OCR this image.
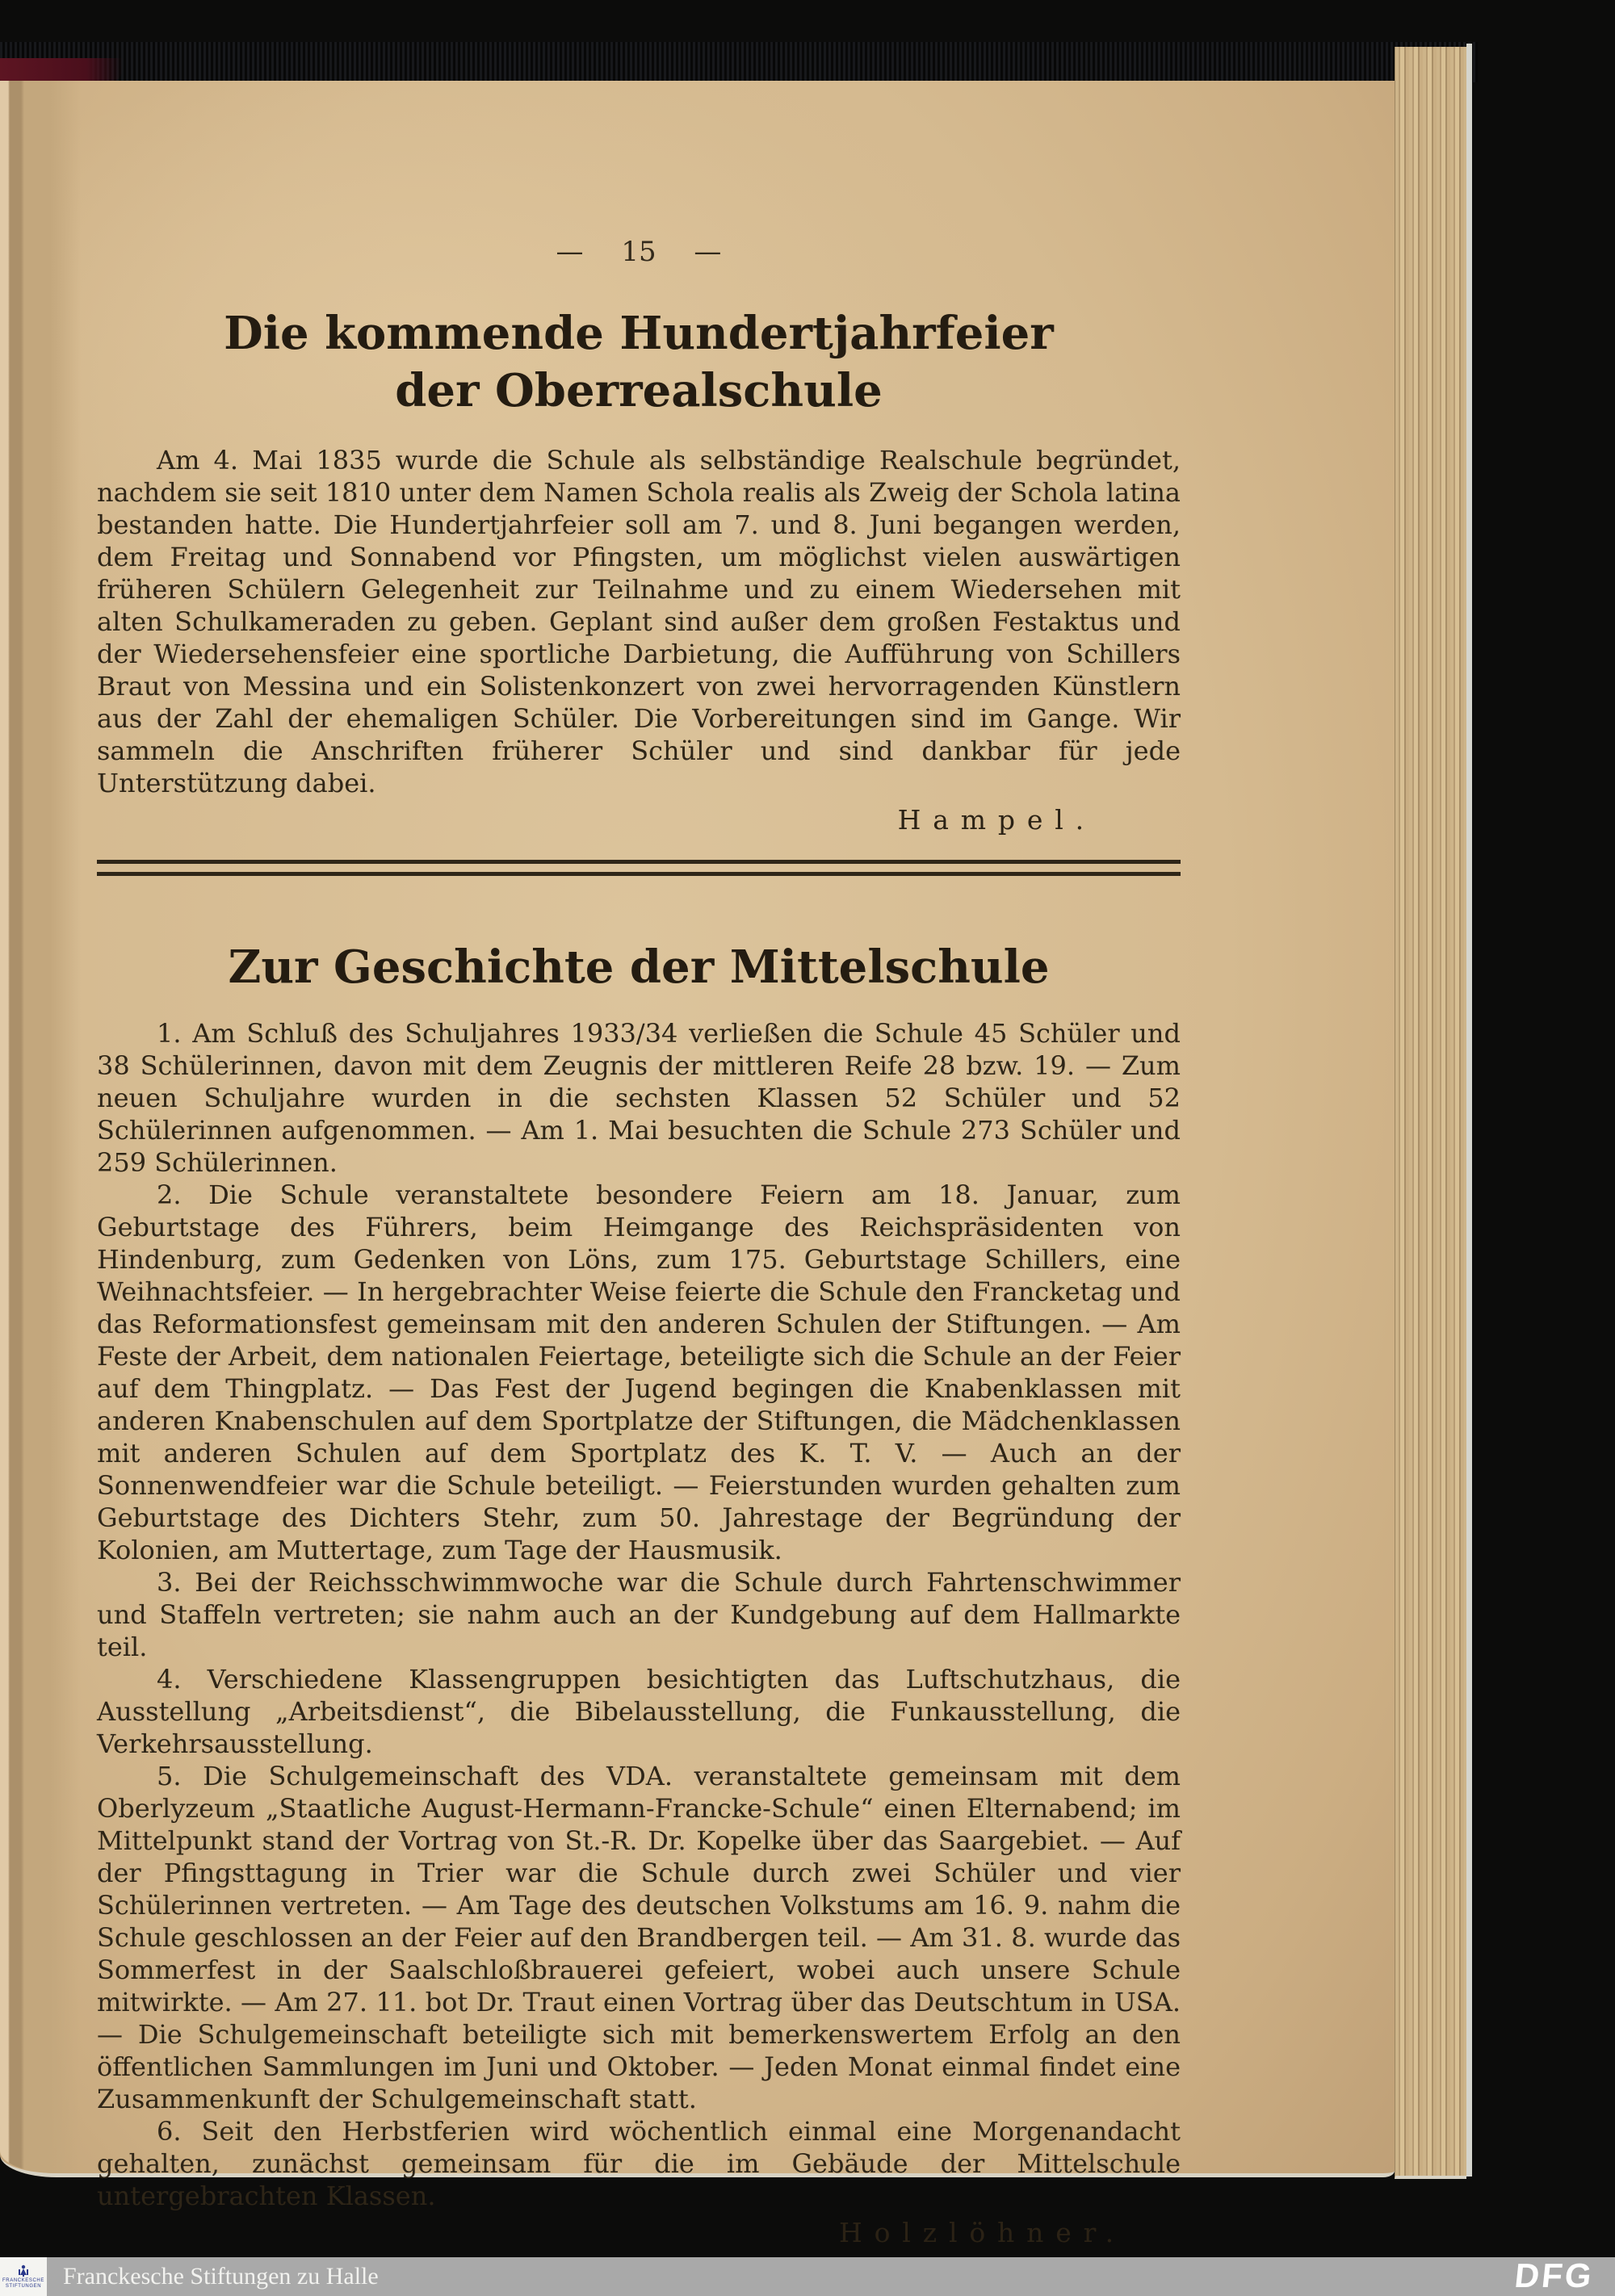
— 15 —
Die kommende Hundertjahrfeier
der Oberrealschule

Am 4. Mai 1835 wurde die Schule als selbständige Realschule begründet, nachdem sie seit 1810 unter dem Namen Schola realis als Zweig der Schola latina bestanden hatte. Die Hundertjahrfeier soll am 7. und 8. Juni begangen werden, dem Freitag und Sonnabend vor Pfingsten, um möglichst vielen auswärtigen früheren Schülern Gelegenheit zur Teilnahme und zu einem Wiedersehen mit alten Schulkameraden zu geben. Geplant sind außer dem großen Festaktus und der Wiedersehensfeier eine sportliche Darbietung, die Aufführung von Schillers Braut von Messina und ein Solistenkonzert von zwei hervorragenden Künstlern aus der Zahl der ehemaligen Schüler. Die Vorbereitungen sind im Gange. Wir sammeln die Anschriften früherer Schüler und sind dankbar für jede Unterstützung dabei.

Hampel.
Zur Geschichte der Mittelschule

1. Am Schluß des Schuljahres 1933/34 verließen die Schule 45 Schüler und 38 Schülerinnen, davon mit dem Zeugnis der mittleren Reife 28 bzw. 19. — Zum neuen Schuljahre wurden in die sechsten Klassen 52 Schüler und 52 Schülerinnen aufgenommen. — Am 1. Mai besuchten die Schule 273 Schüler und 259 Schülerinnen.

2. Die Schule veranstaltete besondere Feiern am 18. Januar, zum Geburtstage des Führers, beim Heimgange des Reichspräsidenten von Hindenburg, zum Gedenken von Löns, zum 175. Geburtstage Schillers, eine Weihnachtsfeier. — In hergebrachter Weise feierte die Schule den Francketag und das Reformationsfest gemeinsam mit den anderen Schulen der Stiftungen. — Am Feste der Arbeit, dem nationalen Feiertage, beteiligte sich die Schule an der Feier auf dem Thingplatz. — Das Fest der Jugend begingen die Knabenklassen mit anderen Knabenschulen auf dem Sportplatze der Stiftungen, die Mädchenklassen mit anderen Schulen auf dem Sportplatz des K. T. V. — Auch an der Sonnenwendfeier war die Schule beteiligt. — Feierstunden wurden gehalten zum Geburtstage des Dichters Stehr, zum 50. Jahrestage der Begründung der Kolonien, am Muttertage, zum Tage der Hausmusik.

3. Bei der Reichsschwimmwoche war die Schule durch Fahrtenschwimmer und Staffeln vertreten; sie nahm auch an der Kundgebung auf dem Hallmarkte teil.

4. Verschiedene Klassengruppen besichtigten das Luftschutzhaus, die Ausstellung „Arbeitsdienst“, die Bibelausstellung, die Funkausstellung, die Verkehrsausstellung.

5. Die Schulgemeinschaft des VDA. veranstaltete gemeinsam mit dem Oberlyzeum „Staatliche August-Hermann-Francke-Schule“ einen Elternabend; im Mittelpunkt stand der Vortrag von St.-R. Dr. Kopelke über das Saargebiet. — Auf der Pfingsttagung in Trier war die Schule durch zwei Schüler und vier Schülerinnen vertreten. — Am Tage des deutschen Volkstums am 16. 9. nahm die Schule geschlossen an der Feier auf den Brandbergen teil. — Am 31. 8. wurde das Sommerfest in der Saalschloßbrauerei gefeiert, wobei auch unsere Schule mitwirkte. — Am 27. 11. bot Dr. Traut einen Vortrag über das Deutschtum in USA. — Die Schulgemeinschaft beteiligte sich mit bemerkenswertem Erfolg an den öffentlichen Sammlungen im Juni und Oktober. — Jeden Monat einmal findet eine Zusammenkunft der Schulgemeinschaft statt.

6. Seit den Herbstferien wird wöchentlich einmal eine Morgenandacht gehalten, zunächst gemeinsam für die im Gebäude der Mittelschule untergebrachten Klassen.

Holzlöhner.
FRANCKESCHE
STIFTUNGEN Franckesche Stiftungen zu Halle	DFG
